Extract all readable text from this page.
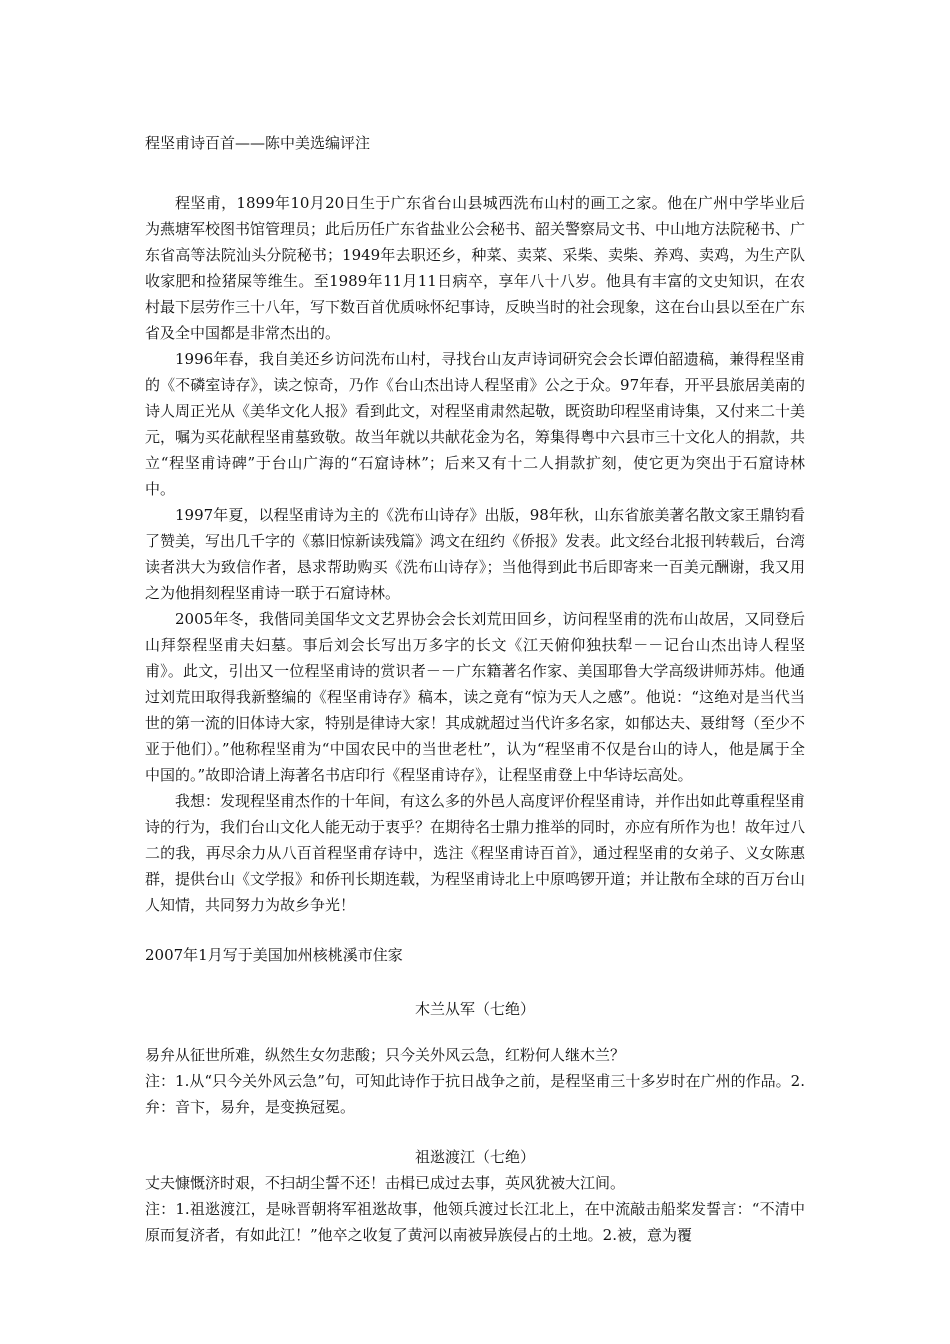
程坚甫诗百首——陈中美选编评注

程坚甫，1899年10月20日生于广东省台山县城西洗布山村的画工之家。他在广州中学毕业后为燕塘军校图书馆管理员；此后历任广东省盐业公会秘书、韶关警察局文书、中山地方法院秘书、广东省高等法院汕头分院秘书；1949年去职还乡，种菜、卖菜、采柴、卖柴、养鸡、卖鸡，为生产队收家肥和捡猪屎等维生。至1989年11月11日病卒，享年八十八岁。他具有丰富的文史知识，在农村最下层劳作三十八年，写下数百首优质咏怀纪事诗，反映当时的社会现象，这在台山县以至在广东省及全中国都是非常杰出的。

1996年春，我自美还乡访问洗布山村，寻找台山友声诗词研究会会长谭伯韶遗稿，兼得程坚甫的《不磷室诗存》，读之惊奇，乃作《台山杰出诗人程坚甫》公之于众。97年春，开平县旅居美南的诗人周正光从《美华文化人报》看到此文，对程坚甫肃然起敬，既资助印程坚甫诗集，又付来二十美元，嘱为买花献程坚甫墓致敬。故当年就以共献花金为名，筹集得粤中六县市三十文化人的捐款，共立“程坚甫诗碑”于台山广海的“石窟诗林”；后来又有十二人捐款扩刻，使它更为突出于石窟诗林中。

1997年夏，以程坚甫诗为主的《洗布山诗存》出版，98年秋，山东省旅美著名散文家王鼎钧看了赞美，写出几千字的《慕旧惊新读残篇》鸿文在纽约《侨报》发表。此文经台北报刊转载后，台湾读者洪大为致信作者，恳求帮助购买《洗布山诗存》；当他得到此书后即寄来一百美元酬谢，我又用之为他捐刻程坚甫诗一联于石窟诗林。

2005年冬，我偕同美国华文文艺界协会会长刘荒田回乡，访问程坚甫的洗布山故居，又同登后山拜祭程坚甫夫妇墓。事后刘会长写出万多字的长文《江天俯仰独扶犁－－记台山杰出诗人程坚甫》。此文，引出又一位程坚甫诗的赏识者－－广东籍著名作家、美国耶鲁大学高级讲师苏炜。他通过刘荒田取得我新整编的《程坚甫诗存》稿本，读之竟有“惊为天人之感”。他说：“这绝对是当代当世的第一流的旧体诗大家，特别是律诗大家！其成就超过当代许多名家，如郁达夫、聂绀弩（至少不亚于他们）。”他称程坚甫为“中国农民中的当世老杜”，认为“程坚甫不仅是台山的诗人，他是属于全中国的。”故即洽请上海著名书店印行《程坚甫诗存》，让程坚甫登上中华诗坛高处。

我想：发现程坚甫杰作的十年间，有这么多的外邑人高度评价程坚甫诗，并作出如此尊重程坚甫诗的行为，我们台山文化人能无动于衷乎？在期待名士鼎力推举的同时，亦应有所作为也！故年过八二的我，再尽余力从八百首程坚甫存诗中，选注《程坚甫诗百首》，通过程坚甫的女弟子、义女陈惠群，提供台山《文学报》和侨刊长期连载，为程坚甫诗北上中原鸣锣开道；并让散布全球的百万台山人知情，共同努力为故乡争光！

2007年1月写于美国加州核桃溪市住家

木兰从军（七绝）

易弁从征世所难，纵然生女勿悲酸；只今关外风云急，红粉何人继木兰？

注：1.从“只今关外风云急”句，可知此诗作于抗日战争之前，是程坚甫三十多岁时在广州的作品。2.弁：音卞，易弁，是变换冠冕。

祖逖渡江（七绝）

丈夫慷慨济时艰，不扫胡尘誓不还！击楫已成过去事，英风犹被大江间。

注：1.祖逖渡江，是咏晋朝将军祖逖故事，他领兵渡过长江北上，在中流敲击船桨发誓言：“不清中原而复济者，有如此江！”他卒之收复了黄河以南被异族侵占的土地。2.被，意为覆
